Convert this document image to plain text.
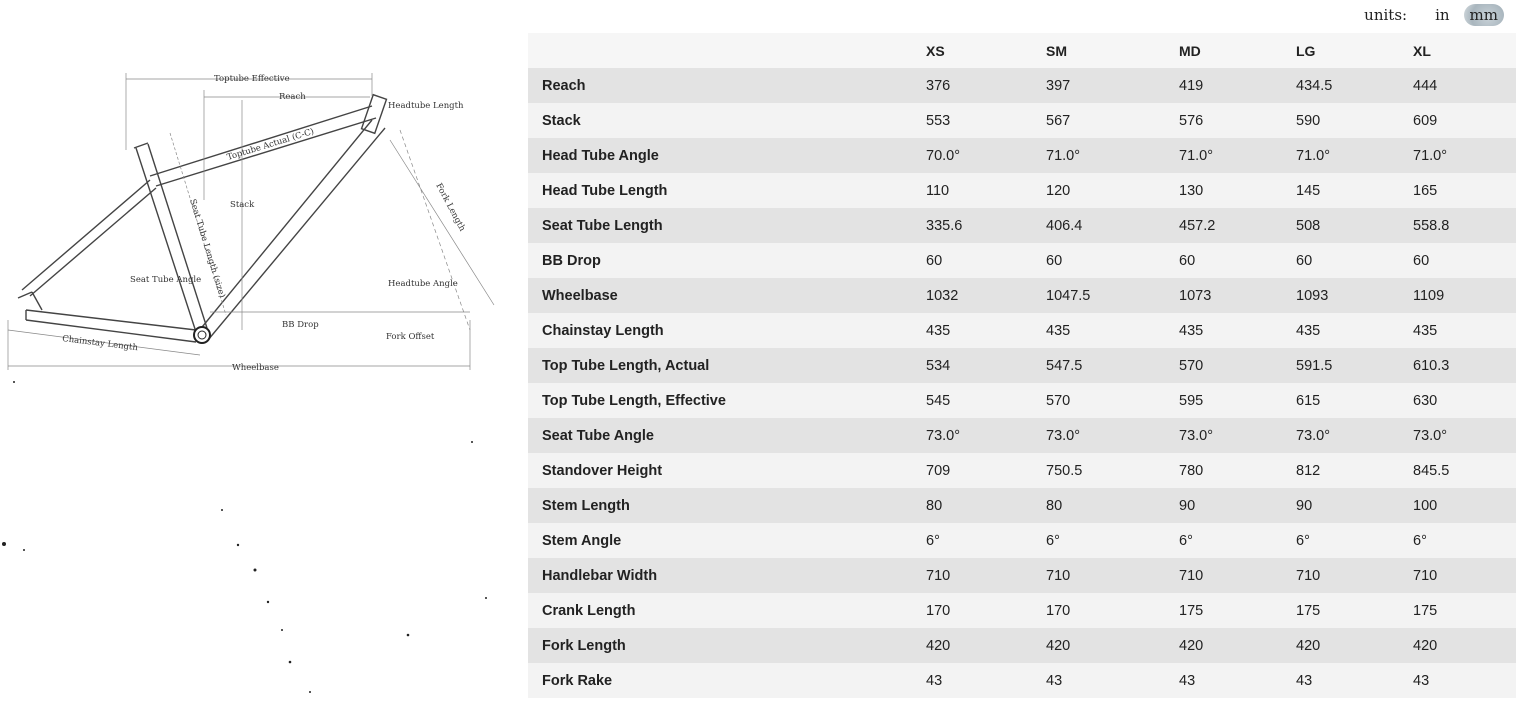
units:	in	mm
Toptube Effective
Reach
Headtube Length
Toptube Actual (C-C)
Stack
Seat Tube Length (size)	Fork Length
Seat Tube Angle	Headtube Angle
BB Drop
Fork Offset
Chainstay Length
Wheelbase
	XS	SM	MD	LG	XL
Reach	376	397	419	434.5	444
Stack	553	567	576	590	609
Head Tube Angle	70.0°	71.0°	71.0°	71.0°	71.0°
Head Tube Length	110	120	130	145	165
Seat Tube Length	335.6	406.4	457.2	508	558.8
BB Drop	60	60	60	60	60
Wheelbase	1032	1047.5	1073	1093	1109
Chainstay Length	435	435	435	435	435
Top Tube Length, Actual	534	547.5	570	591.5	610.3
Top Tube Length, Effective	545	570	595	615	630
Seat Tube Angle	73.0°	73.0°	73.0°	73.0°	73.0°
Standover Height	709	750.5	780	812	845.5
Stem Length	80	80	90	90	100
Stem Angle	6°	6°	6°	6°	6°
Handlebar Width	710	710	710	710	710
Crank Length	170	170	175	175	175
Fork Length	420	420	420	420	420
Fork Rake	43	43	43	43	43
